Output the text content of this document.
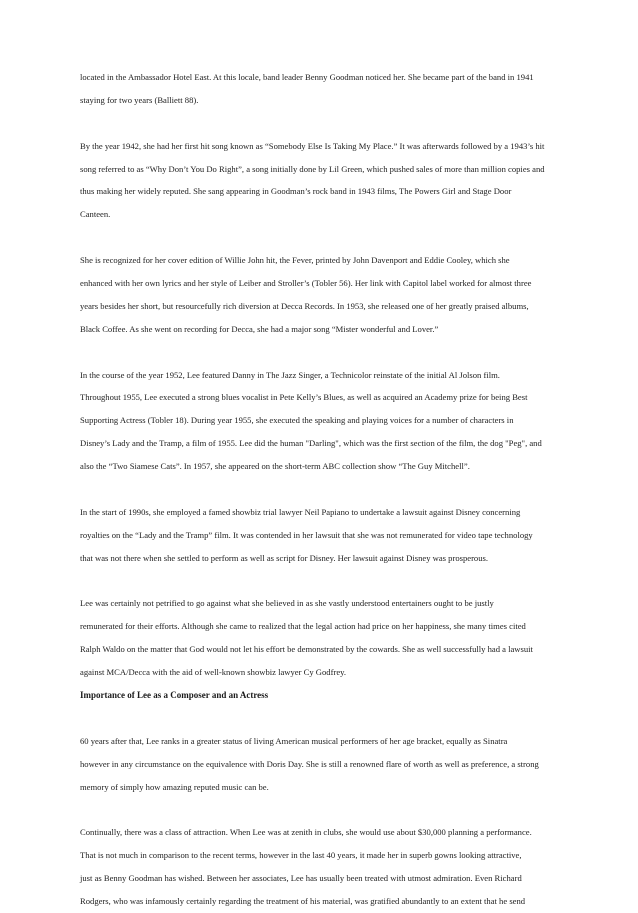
located in the Ambassador Hotel East. At this locale, band leader Benny Goodman noticed her. She became part of the band in 1941
staying for two years (Balliett 88).
By the year 1942, she had her first hit song known as “Somebody Else Is Taking My Place.” It was afterwards followed by a 1943’s hit
song referred to as “Why Don’t You Do Right”, a song initially done by Lil Green, which pushed sales of more than million copies and
thus making her widely reputed. She sang appearing in Goodman’s rock band in 1943 films, The Powers Girl and Stage Door
Canteen.
She is recognized for her cover edition of Willie John hit, the Fever, printed by John Davenport and Eddie Cooley, which she
enhanced with her own lyrics and her style of Leiber and Stroller’s (Tobler 56). Her link with Capitol label worked for almost three
years besides her short, but resourcefully rich diversion at Decca Records. In 1953, she released one of her greatly praised albums,
Black Coffee. As she went on recording for Decca, she had a major song “Mister wonderful and Lover.”
In the course of the year 1952, Lee featured Danny in The Jazz Singer, a Technicolor reinstate of the initial Al Jolson film.
Throughout 1955, Lee executed a strong blues vocalist in Pete Kelly’s Blues, as well as acquired an Academy prize for being Best
Supporting Actress (Tobler 18). During year 1955, she executed the speaking and playing voices for a number of characters in
Disney’s Lady and the Tramp, a film of 1955. Lee did the human "Darling", which was the first section of the film, the dog "Peg", and
also the “Two Siamese Cats”. In 1957, she appeared on the short-term ABC collection show “The Guy Mitchell”.
In the start of 1990s, she employed a famed showbiz trial lawyer Neil Papiano to undertake a lawsuit against Disney concerning
royalties on the “Lady and the Tramp” film. It was contended in her lawsuit that she was not remunerated for video tape technology
that was not there when she settled to perform as well as script for Disney. Her lawsuit against Disney was prosperous.
Lee was certainly not petrified to go against what she believed in as she vastly understood entertainers ought to be justly
remunerated for their efforts. Although she came to realized that the legal action had price on her happiness, she many times cited
Ralph Waldo on the matter that God would not let his effort be demonstrated by the cowards. She as well successfully had a lawsuit
against MCA/Decca with the aid of well-known showbiz lawyer Cy Godfrey.
Importance of Lee as a Composer and an Actress
60 years after that, Lee ranks in a greater status of living American musical performers of her age bracket, equally as Sinatra
however in any circumstance on the equivalence with Doris Day. She is still a renowned flare of worth as well as preference, a strong
memory of simply how amazing reputed music can be.
Continually, there was a class of attraction. When Lee was at zenith in clubs, she would use about $30,000 planning a performance.
That is not much in comparison to the recent terms, however in the last 40 years, it made her in superb gowns looking attractive,
just as Benny Goodman has wished. Between her associates, Lee has usually been treated with utmost admiration. Even Richard
Rodgers, who was infamously certainly regarding the treatment of his material, was gratified abundantly to an extent that he send
